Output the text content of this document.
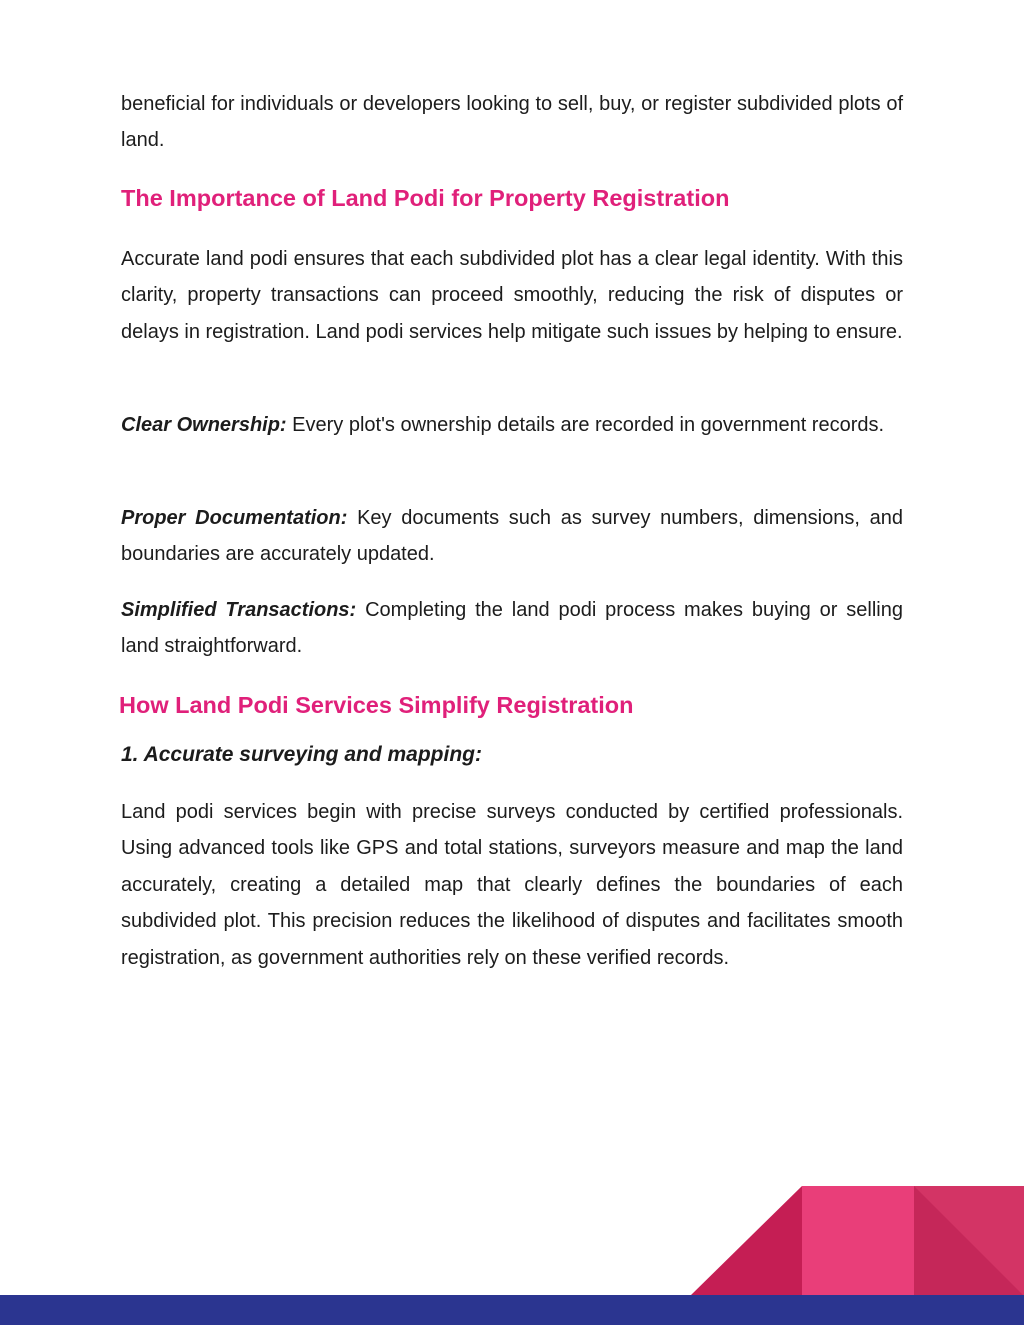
beneficial for individuals or developers looking to sell, buy, or register subdivided plots of land.

The Importance of Land Podi for Property Registration

Accurate land podi ensures that each subdivided plot has a clear legal identity. With this clarity, property transactions can proceed smoothly, reducing the risk of disputes or delays in registration. Land podi services help mitigate such issues by helping to ensure.

Clear Ownership: Every plot's ownership details are recorded in government records.

Proper Documentation: Key documents such as survey numbers, dimensions, and boundaries are accurately updated.

Simplified Transactions: Completing the land podi process makes buying or selling land straightforward.

How Land Podi Services Simplify Registration
1. Accurate surveying and mapping:

Land podi services begin with precise surveys conducted by certified professionals. Using advanced tools like GPS and total stations, surveyors measure and map the land accurately, creating a detailed map that clearly defines the boundaries of each subdivided plot. This precision reduces the likelihood of disputes and facilitates smooth registration, as government authorities rely on these verified records.
